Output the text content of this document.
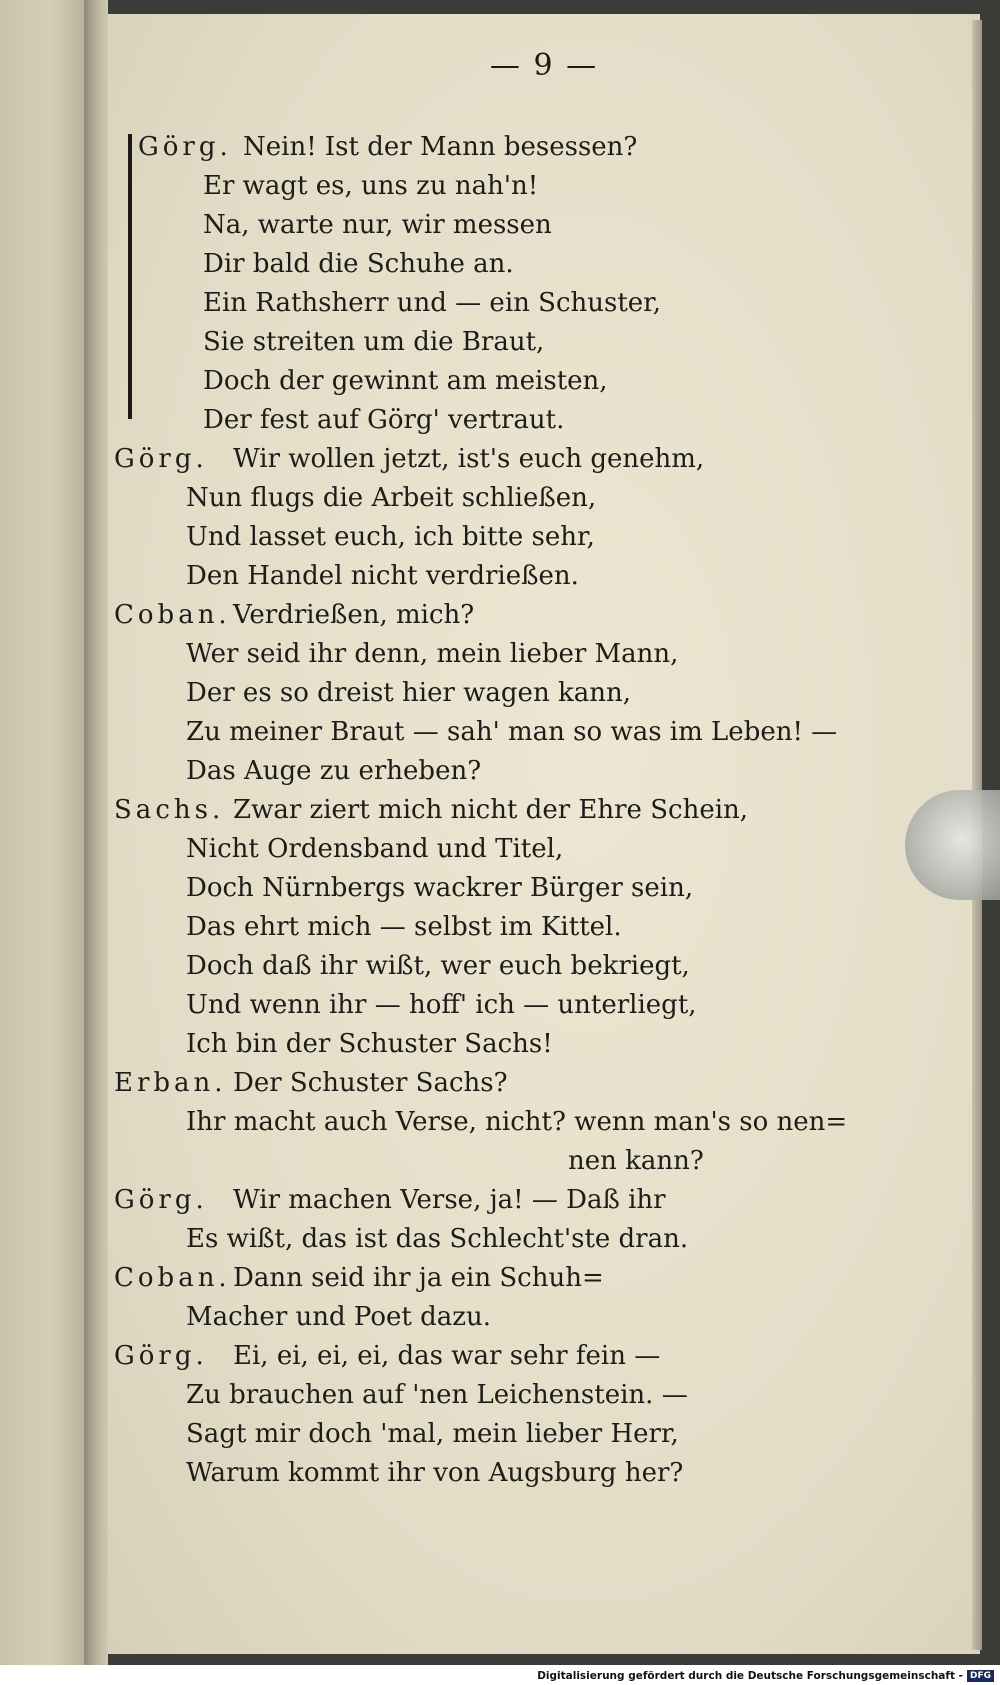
— 9 —
Görg. Nein! Ist der Mann besessen?
Er wagt es, uns zu nah'n!
Na, warte nur, wir messen
Dir bald die Schuhe an.
Ein Rathsherr und — ein Schuster,
Sie streiten um die Braut,
Doch der gewinnt am meisten,
Der fest auf Görg' vertraut.
Görg. Wir wollen jetzt, ist's euch genehm,
Nun flugs die Arbeit schließen,
Und lasset euch, ich bitte sehr,
Den Handel nicht verdrießen.
Coban. Verdrießen, mich?
Wer seid ihr denn, mein lieber Mann,
Der es so dreist hier wagen kann,
Zu meiner Braut — sah' man so was im Leben! —
Das Auge zu erheben?
Sachs. Zwar ziert mich nicht der Ehre Schein,
Nicht Ordensband und Titel,
Doch Nürnbergs wackrer Bürger sein,
Das ehrt mich — selbst im Kittel.
Doch daß ihr wißt, wer euch bekriegt,
Und wenn ihr — hoff' ich — unterliegt,
Ich bin der Schuster Sachs!
Erban. Der Schuster Sachs?
Ihr macht auch Verse, nicht? wenn man's so nen=
nen kann?
Görg. Wir machen Verse, ja! — Daß ihr
Es wißt, das ist das Schlecht'ste dran.
Coban. Dann seid ihr ja ein Schuh=
Macher und Poet dazu.
Görg. Ei, ei, ei, ei, das war sehr fein —
Zu brauchen auf 'nen Leichenstein. —
Sagt mir doch 'mal, mein lieber Herr,
Warum kommt ihr von Augsburg her?
Digitalisierung gefördert durch die Deutsche Forschungsgemeinschaft - DFG
